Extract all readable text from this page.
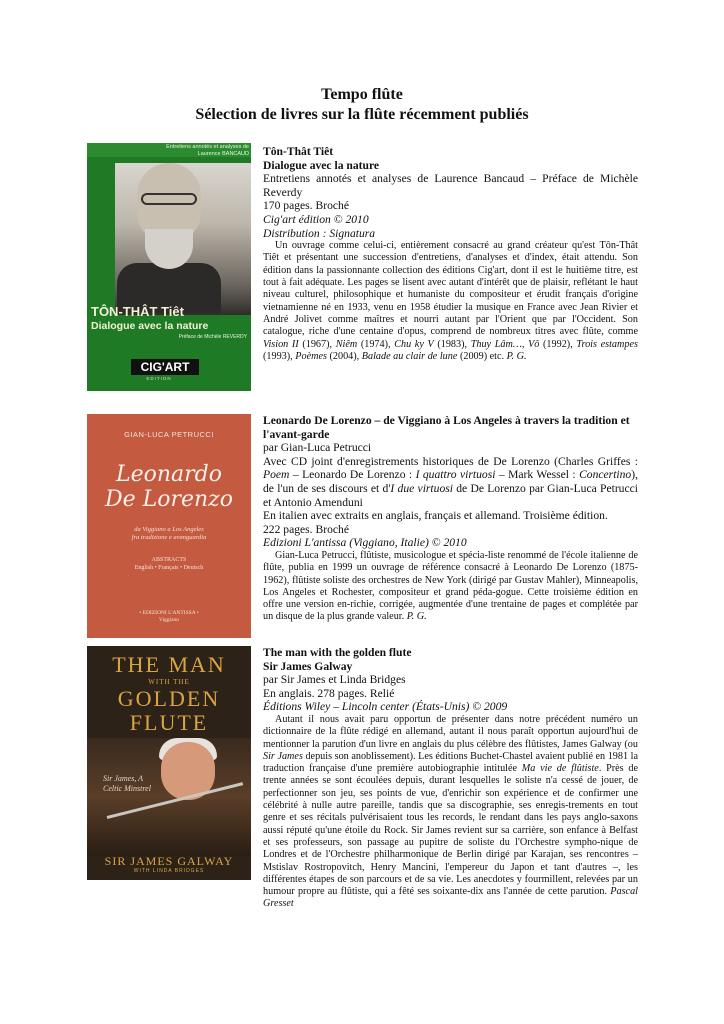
Tempo flûte
Sélection de livres sur la flûte récemment publiés
Entretiens annotés et analyses de Laurence BANCAUD
TÔN-THÂT Tiêt
Dialogue avec la nature
Préface de Michèle REVERDY
CIG'ART
EDITION
GIAN-LUCA PETRUCCI
Leonardo
De Lorenzo
da Viggiano a Los Angeles
fra tradizione e avanguardia
ABSTRACTS
English • Français • Deutsch
• EDIZIONI L'ANTISSA •
Viggiano
THE MAN
WITH THE
GOLDEN
FLUTE
Sir James, A Celtic Minstrel
SIR JAMES GALWAY
WITH LINDA BRIDGES
Tôn-Thât Tiêt
Dialogue avec la nature
Entretiens annotés et analyses de Laurence Bancaud – Préface de Michèle Reverdy
170 pages. Broché
Cig'art édition © 2010
Distribution : Signatura

Un ouvrage comme celui-ci, entièrement consacré au grand créateur qu'est Tôn-Thât Tiêt et présentant une succession d'entretiens, d'analyses et d'index, était attendu. Son édition dans la passionnante collection des éditions Cig'art, dont il est le huitième titre, est tout à fait adéquate. Les pages se lisent avec autant d'intérêt que de plaisir, reflétant le haut niveau culturel, philosophique et humaniste du compositeur et érudit français d'origine vietnamienne né en 1933, venu en 1958 étudier la musique en France avec Jean Rivier et André Jolivet comme maîtres et nourri autant par l'Orient que par l'Occident. Son catalogue, riche d'une centaine d'opus, comprend de nombreux titres avec flûte, comme Vision II (1967), Niêm (1974), Chu ky V (1983), Thuy Lâm…, Vô (1992), Trois estampes (1993), Poèmes (2004), Balade au clair de lune (2009) etc. P. G.

Leonardo De Lorenzo – de Viggiano à Los Angeles à travers la tradition et l'avant-garde
par Gian-Luca Petrucci
Avec CD joint d'enregistrements historiques de De Lorenzo (Charles Griffes : Poem – Leonardo De Lorenzo : I quattro virtuosi – Mark Wessel : Concertino), de l'un de ses discours et d'I due virtuosi de De Lorenzo par Gian-Luca Petrucci et Antonio Amenduni
En italien avec extraits en anglais, français et allemand. Troisième édition.
222 pages. Broché
Edizioni L'antissa (Viggiano, Italie) © 2010

Gian-Luca Petrucci, flûtiste, musicologue et spécia-liste renommé de l'école italienne de flûte, publia en 1999 un ouvrage de référence consacré à Leonardo De Lorenzo (1875-1962), flûtiste soliste des orchestres de New York (dirigé par Gustav Mahler), Minneapolis, Los Angeles et Rochester, compositeur et grand péda-gogue. Cette troisième édition en offre une version en-richie, corrigée, augmentée d'une trentaine de pages et complétée par un disque de la plus grande valeur. P. G.

The man with the golden flute
Sir James Galway
par Sir James et Linda Bridges
En anglais. 278 pages. Relié
Éditions Wiley – Lincoln center (États-Unis) © 2009

Autant il nous avait paru opportun de présenter dans notre précédent numéro un dictionnaire de la flûte rédigé en allemand, autant il nous paraît opportun aujourd'hui de mentionner la parution d'un livre en anglais du plus célèbre des flûtistes, James Galway (ou Sir James depuis son anoblissement). Les éditions Buchet-Chastel avaient publié en 1981 la traduction française d'une première autobiographie intitulée Ma vie de flûtiste. Près de trente années se sont écoulées depuis, durant lesquelles le soliste n'a cessé de jouer, de perfectionner son jeu, ses points de vue, d'enrichir son expérience et de confirmer une célébrité à nulle autre pareille, tandis que sa discographie, ses enregis-trements en tout genre et ses récitals pulvérisaient tous les records, le rendant dans les pays anglo-saxons aussi réputé qu'une étoile du Rock. Sir James revient sur sa carrière, son enfance à Belfast et ses professeurs, son passage au pupitre de soliste du l'Orchestre sympho-nique de Londres et de l'Orchestre philharmonique de Berlin dirigé par Karajan, ses rencontres – Mstislav Rostropovitch, Henry Mancini, l'empereur du Japon et tant d'autres –, les différentes étapes de son parcours et de sa vie. Les anecdotes y fourmillent, relevées par un humour propre au flûtiste, qui a fêté ses soixante-dix ans l'année de cette parution. Pascal Gresset
